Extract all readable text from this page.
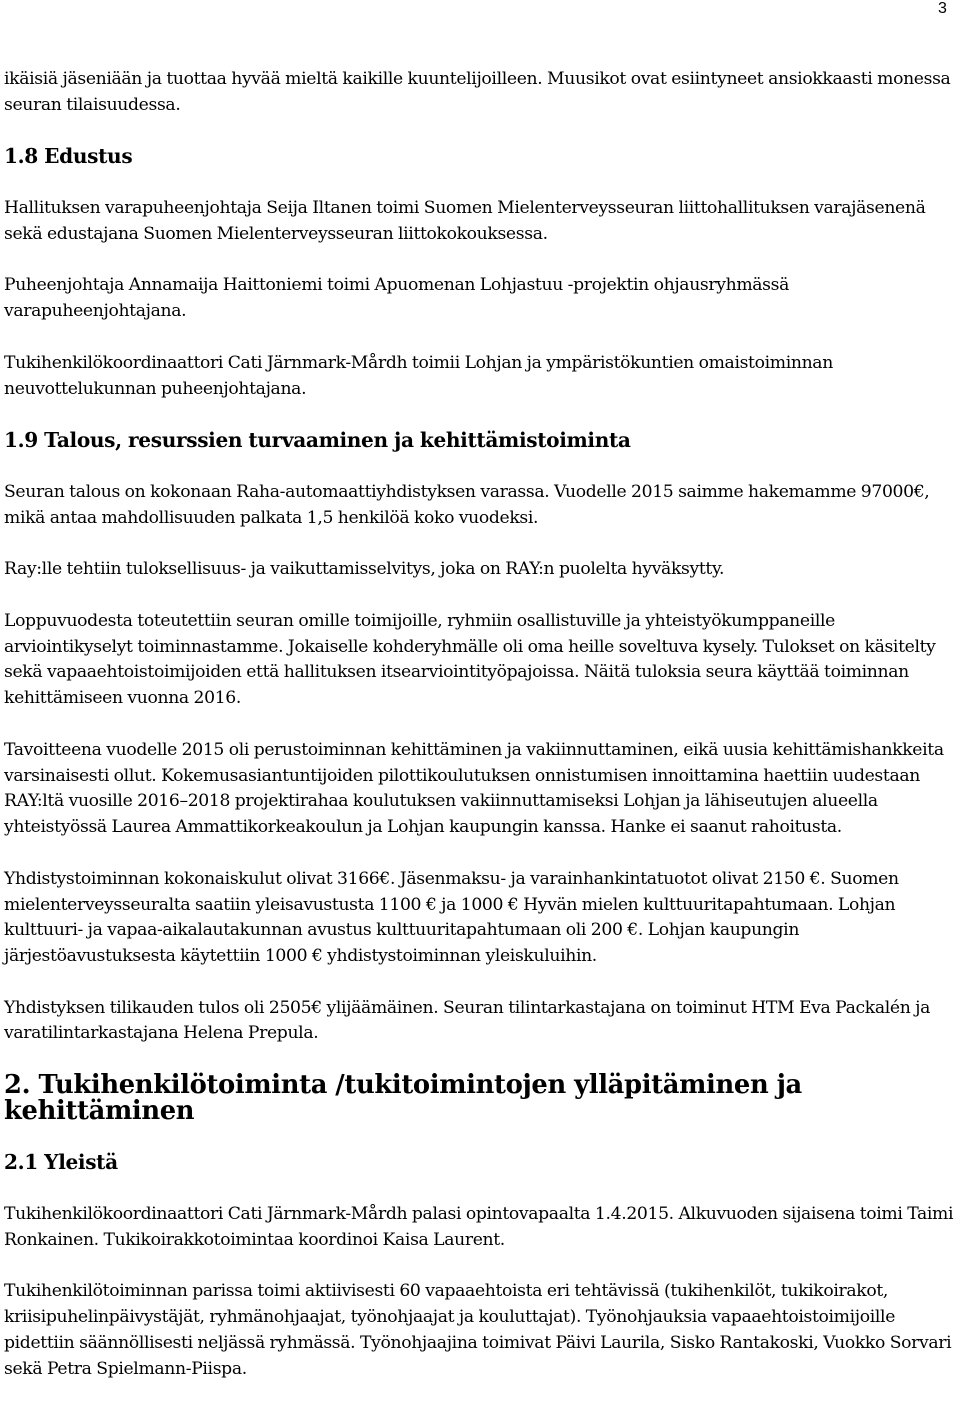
3

ikäisiä jäseniään ja tuottaa hyvää mieltä kaikille kuuntelijoilleen. Muusikot ovat esiintyneet ansiokkaasti monessa seuran tilaisuudessa.

1.8 Edustus

Hallituksen varapuheenjohtaja Seija Iltanen toimi Suomen Mielenterveysseuran liittohallituksen varajäsenenä sekä edustajana Suomen Mielenterveysseuran liittokokouksessa.

Puheenjohtaja Annamaija Haittoniemi toimi Apuomenan Lohjastuu -projektin ohjausryhmässä varapuheenjohtajana.

Tukihenkilökoordinaattori Cati Järnmark-Mårdh toimii Lohjan ja ympäristökuntien omaistoiminnan neuvottelukunnan puheenjohtajana.

1.9 Talous, resurssien turvaaminen ja kehittämistoiminta

Seuran talous on kokonaan Raha-automaattiyhdistyksen varassa. Vuodelle 2015 saimme hakemamme 97000€, mikä antaa mahdollisuuden palkata 1,5 henkilöä koko vuodeksi.

Ray:lle tehtiin tuloksellisuus- ja vaikuttamisselvitys, joka on RAY:n puolelta hyväksytty.

Loppuvuodesta toteutettiin seuran omille toimijoille, ryhmiin osallistuville ja yhteistyökumppaneille arviointikyselyt toiminnastamme. Jokaiselle kohderyhmälle oli oma heille soveltuva kysely. Tulokset on käsitelty sekä vapaaehtoistoimijoiden että hallituksen itsearviointityöpajoissa. Näitä tuloksia seura käyttää toiminnan kehittämiseen vuonna 2016.

Tavoitteena vuodelle 2015 oli perustoiminnan kehittäminen ja vakiinnuttaminen, eikä uusia kehittämishankkeita varsinaisesti ollut. Kokemusasiantuntijoiden pilottikoulutuksen onnistumisen innoittamina haettiin uudestaan RAY:ltä vuosille 2016–2018 projektirahaa koulutuksen vakiinnuttamiseksi Lohjan ja lähiseutujen alueella yhteistyössä Laurea Ammattikorkeakoulun ja Lohjan kaupungin kanssa. Hanke ei saanut rahoitusta.

Yhdistystoiminnan kokonaiskulut olivat 3166€. Jäsenmaksu- ja varainhankintatuotot olivat 2150 €. Suomen mielenterveysseuralta saatiin yleisavustusta 1100 € ja 1000 € Hyvän mielen kulttuuritapahtumaan. Lohjan kulttuuri- ja vapaa-aikalautakunnan avustus kulttuuritapahtumaan oli 200 €. Lohjan kaupungin järjestöavustuksesta käytettiin 1000 € yhdistystoiminnan yleiskuluihin.

Yhdistyksen tilikauden tulos oli 2505€ ylijäämäinen. Seuran tilintarkastajana on toiminut HTM Eva Packalén ja varatilintarkastajana Helena Prepula.

2. Tukihenkilötoiminta /tukitoimintojen ylläpitäminen ja kehittäminen
2.1 Yleistä

Tukihenkilökoordinaattori Cati Järnmark-Mårdh palasi opintovapaalta 1.4.2015. Alkuvuoden sijaisena toimi Taimi Ronkainen. Tukikoirakkotoimintaa koordinoi Kaisa Laurent.

Tukihenkilötoiminnan parissa toimi aktiivisesti 60 vapaaehtoista eri tehtävissä (tukihenkilöt, tukikoirakot, kriisipuhelinpäivystäjät, ryhmänohjaajat, työnohjaajat ja kouluttajat). Työnohjauksia vapaaehtoistoimijoille pidettiin säännöllisesti neljässä ryhmässä. Työnohjaajina toimivat Päivi Laurila, Sisko Rantakoski, Vuokko Sorvari sekä Petra Spielmann-Piispa.
